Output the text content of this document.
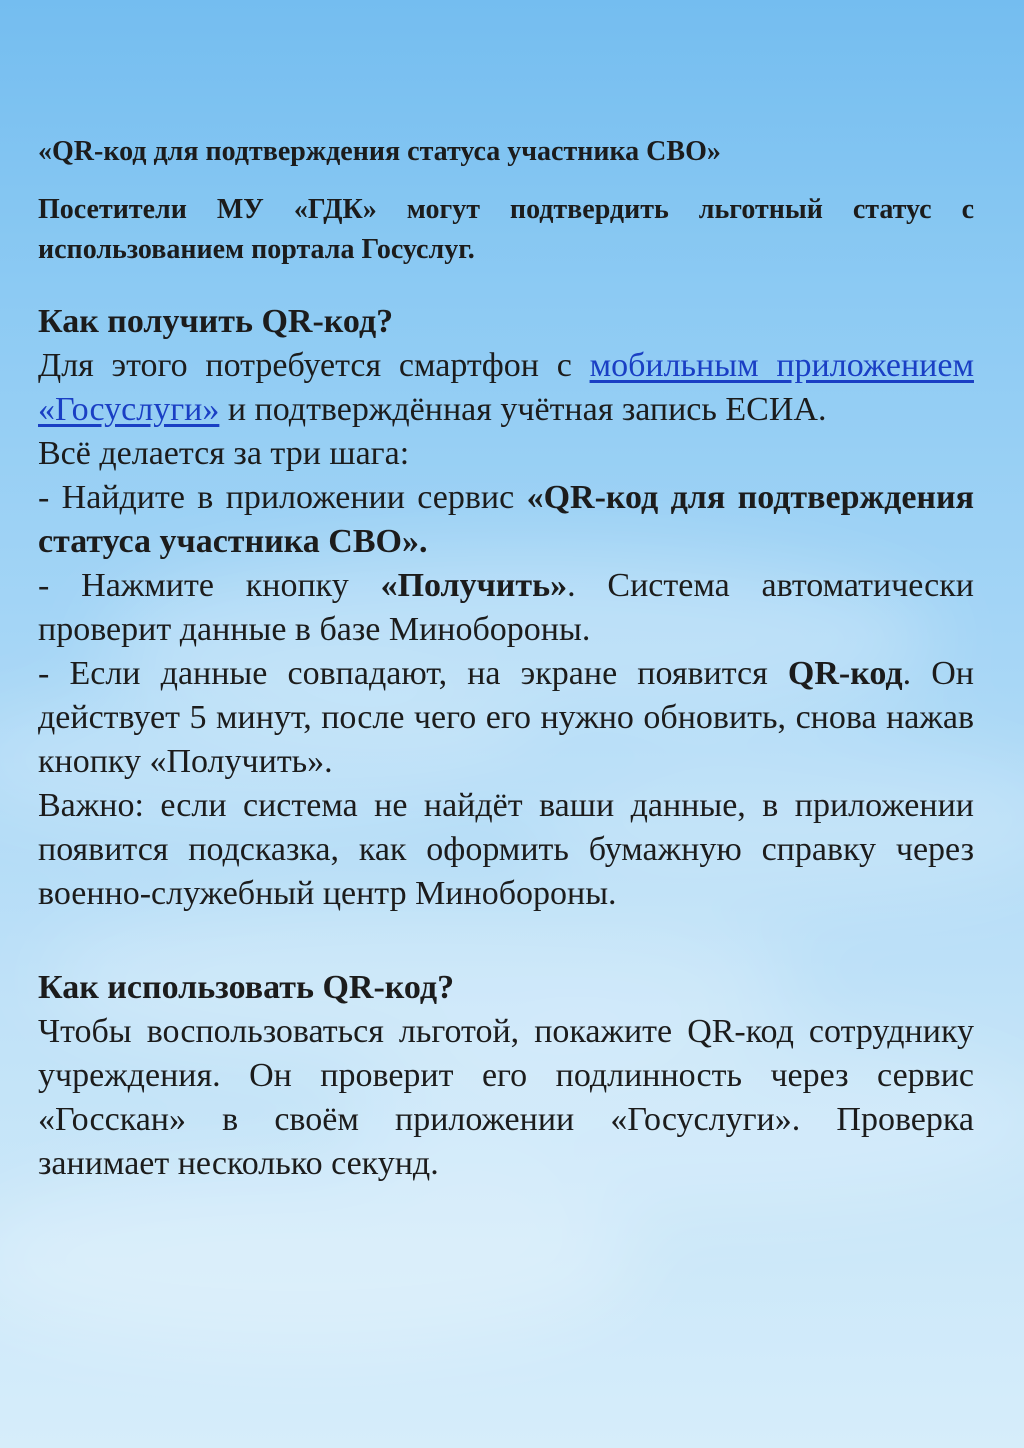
«QR-код для подтверждения статуса участника СВО»

Посетители МУ «ГДК» могут подтвердить льготный статус с использованием портала Госуслуг.

Как получить QR-код?

Для этого потребуется смартфон с мобильным приложением «Госуслуги» и подтверждённая учётная запись ЕСИА.

Всё делается за три шага:

- Найдите в приложении сервис «QR-код для подтверждения статуса участника СВО».

- Нажмите кнопку «Получить». Система автоматически проверит данные в базе Минобороны.

- Если данные совпадают, на экране появится QR-код. Он действует 5 минут, после чего его нужно обновить, снова нажав кнопку «Получить».

Важно: если система не найдёт ваши данные, в приложении появится подсказка, как оформить бумажную справку через военно-служебный центр Минобороны.

Как использовать QR-код?

Чтобы воспользоваться льготой, покажите QR-код сотруднику учреждения. Он проверит его подлинность через сервис «Госскан» в своём приложении «Госуслуги». Проверка занимает несколько секунд.
